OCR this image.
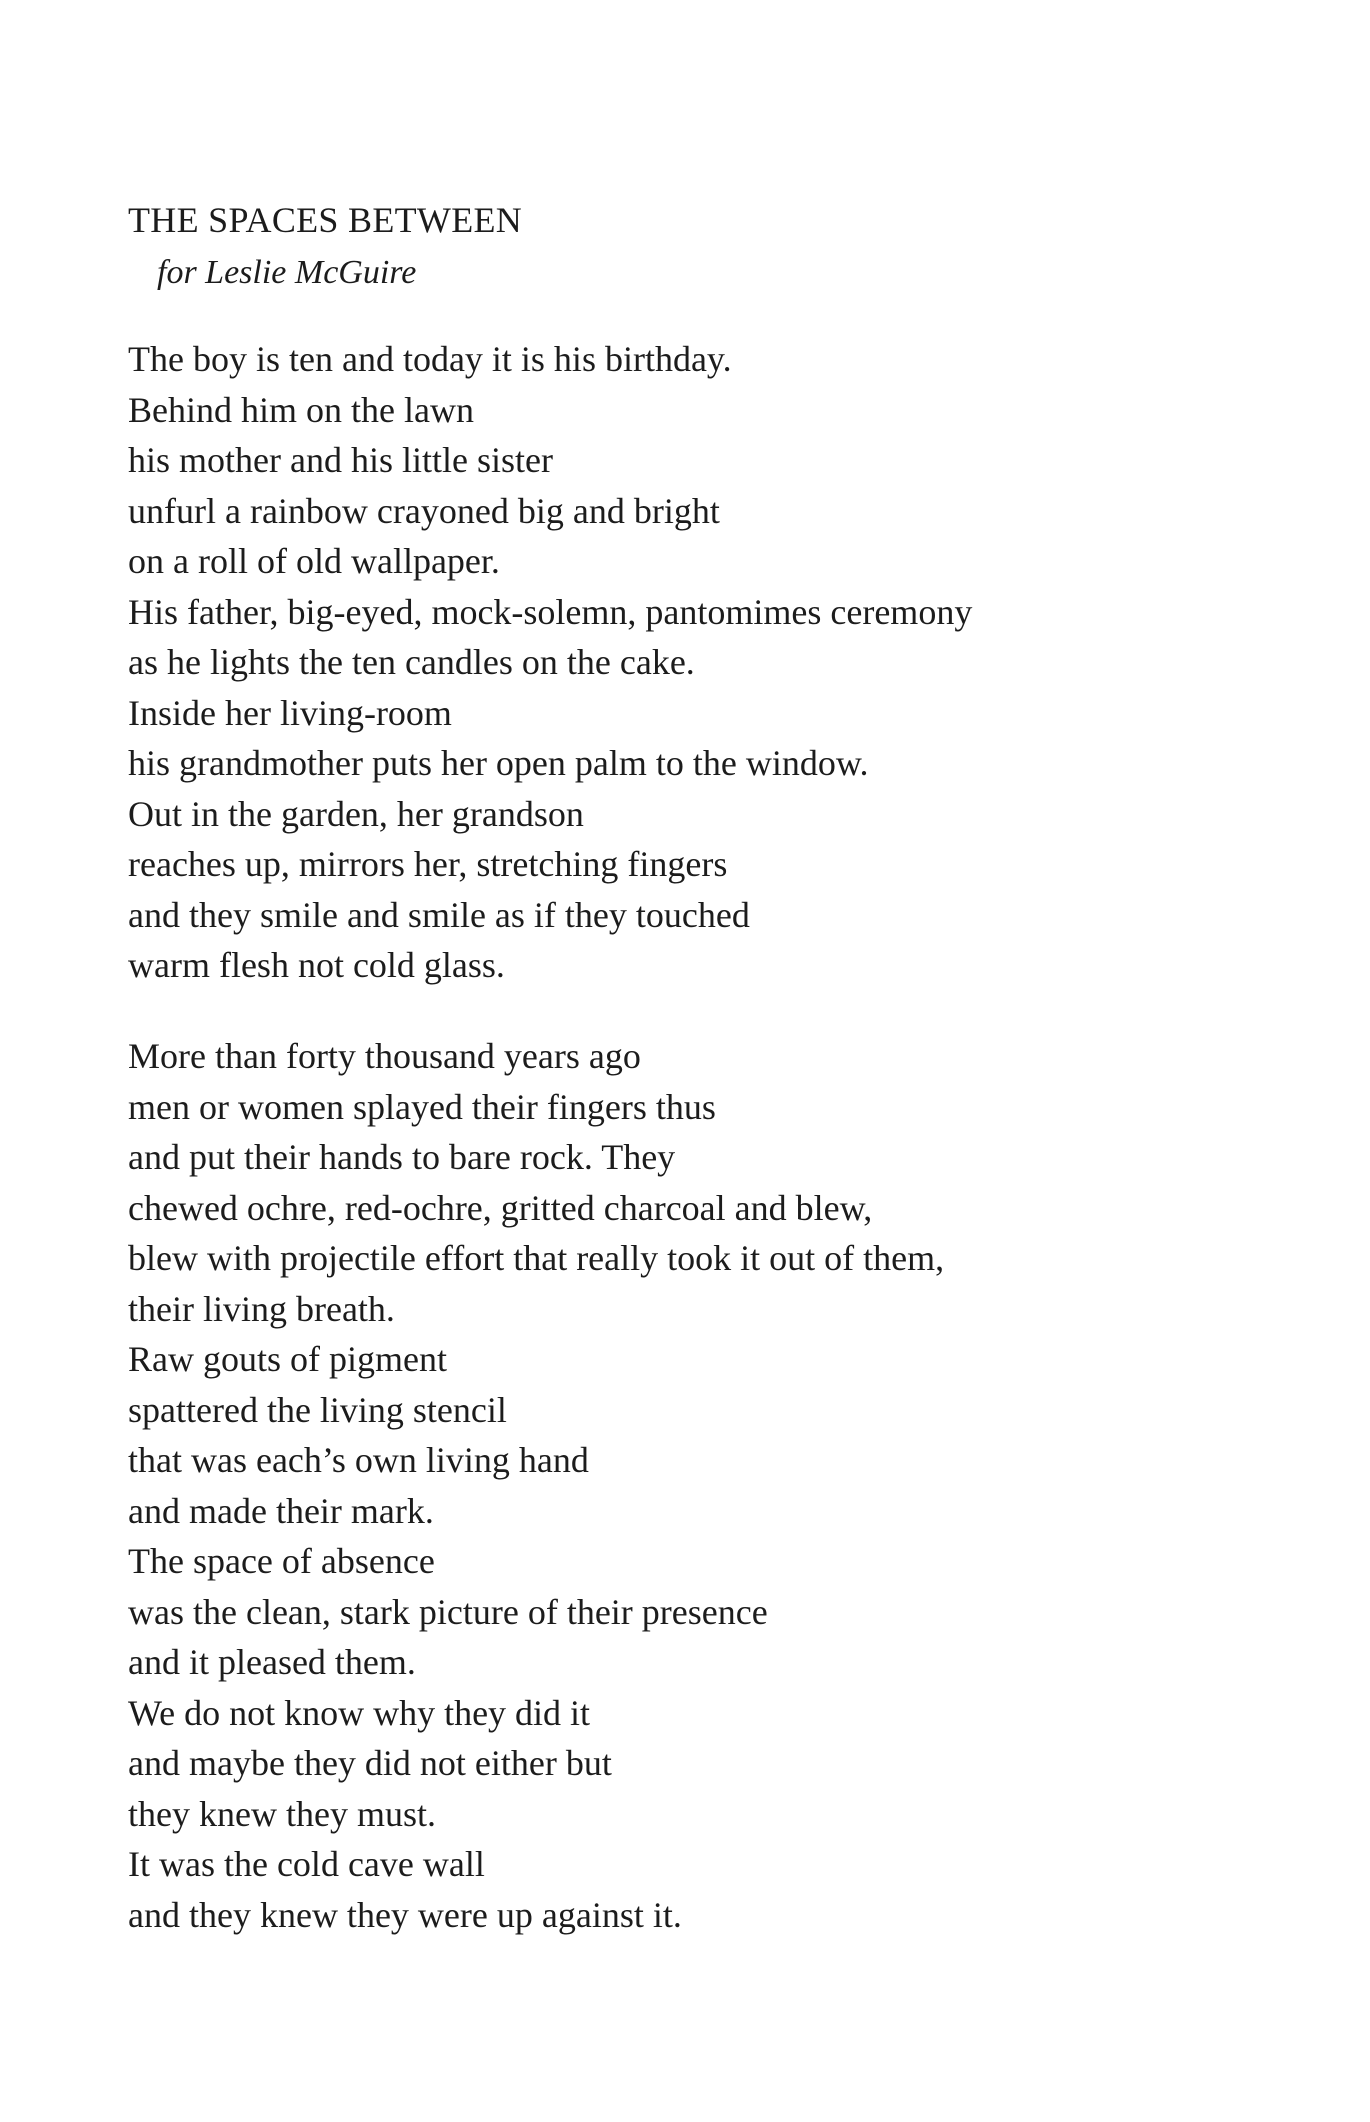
THE SPACES BETWEEN
for Leslie McGuire
The boy is ten and today it is his birthday.
Behind him on the lawn
his mother and his little sister
unfurl a rainbow crayoned big and bright
on a roll of old wallpaper.
His father, big-eyed, mock-solemn, pantomimes ceremony
as he lights the ten candles on the cake.
Inside her living-room
his grandmother puts her open palm to the window.
Out in the garden, her grandson
reaches up, mirrors her, stretching fingers
and they smile and smile as if they touched
warm flesh not cold glass.
More than forty thousand years ago
men or women splayed their fingers thus
and put their hands to bare rock. They
chewed ochre, red-ochre, gritted charcoal and blew,
blew with projectile effort that really took it out of them,
their living breath.
Raw gouts of pigment
spattered the living stencil
that was each’s own living hand
and made their mark.
The space of absence
was the clean, stark picture of their presence
and it pleased them.
We do not know why they did it
and maybe they did not either but
they knew they must.
It was the cold cave wall
and they knew they were up against it.
